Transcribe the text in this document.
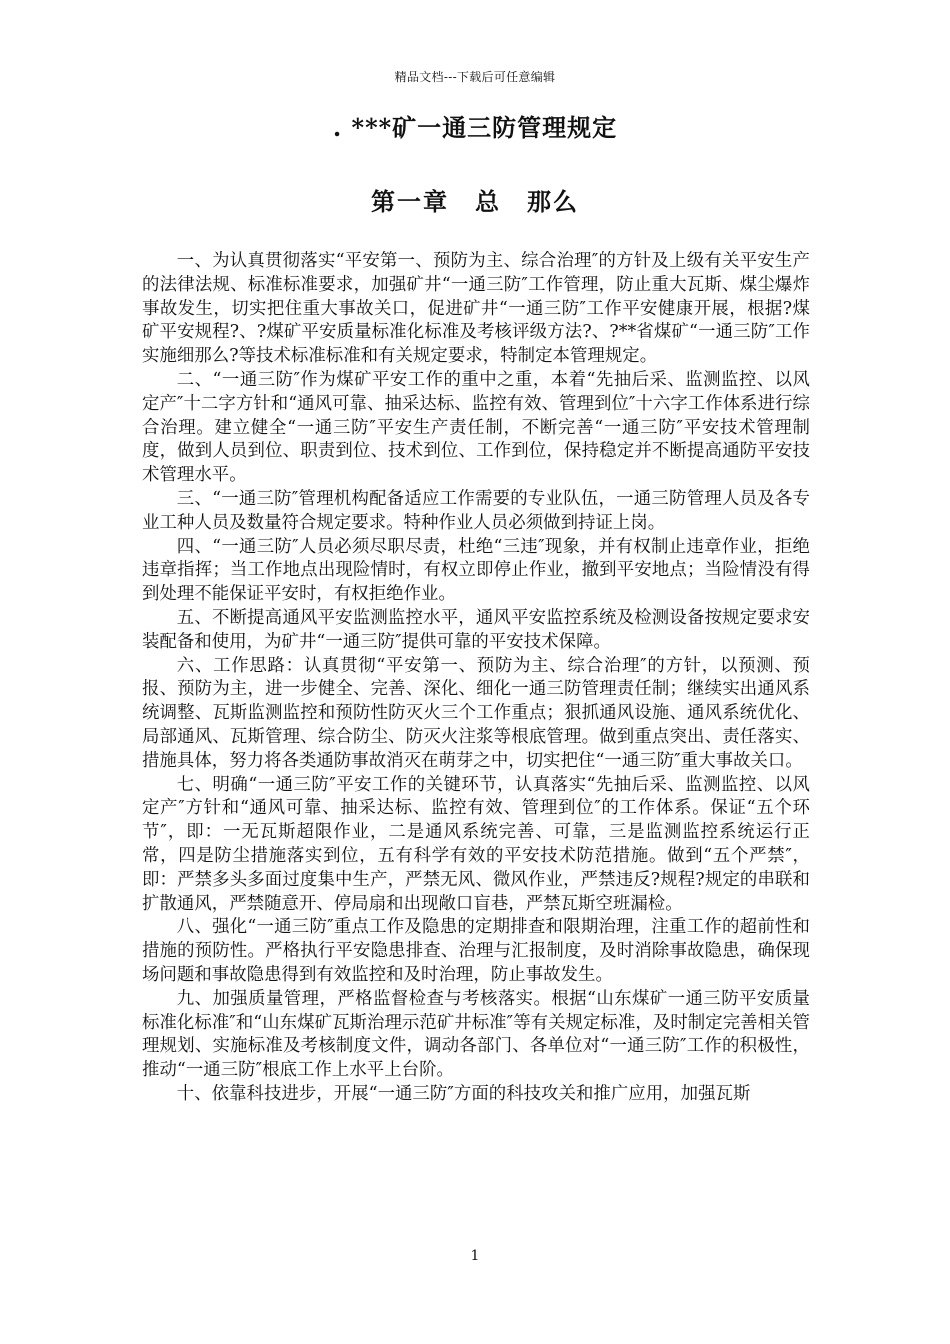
精品文档---下载后可任意编辑
. ***矿一通三防管理规定
第一章　总　那么

一、为认真贯彻落实“平安第一、预防为主、综合治理″的方针及上级有关平安生产的法律法规、标准标准要求，加强矿井“一通三防″工作管理，防止重大瓦斯、煤尘爆炸事故发生，切实把住重大事故关口，促进矿井“一通三防″工作平安健康开展，根据?煤矿平安规程?、?煤矿平安质量标准化标准及考核评级方法?、?**省煤矿“一通三防″工作实施细那么?等技术标准标准和有关规定要求，特制定本管理规定。

二、“一通三防″作为煤矿平安工作的重中之重，本着“先抽后采、监测监控、以风定产″十二字方针和“通风可靠、抽采达标、监控有效、管理到位″十六字工作体系进行综合治理。建立健全“一通三防″平安生产责任制，不断完善“一通三防″平安技术管理制度，做到人员到位、职责到位、技术到位、工作到位，保持稳定并不断提高通防平安技术管理水平。

三、“一通三防″管理机构配备适应工作需要的专业队伍，一通三防管理人员及各专业工种人员及数量符合规定要求。特种作业人员必须做到持证上岗。

四、“一通三防″人员必须尽职尽责，杜绝“三违″现象，并有权制止违章作业，拒绝违章指挥；当工作地点出现险情时，有权立即停止作业，撤到平安地点；当险情没有得到处理不能保证平安时，有权拒绝作业。

五、不断提高通风平安监测监控水平，通风平安监控系统及检测设备按规定要求安装配备和使用，为矿井“一通三防″提供可靠的平安技术保障。

六、工作思路：认真贯彻“平安第一、预防为主、综合治理″的方针，以预测、预报、预防为主，进一步健全、完善、深化、细化一通三防管理责任制；继续实出通风系统调整、瓦斯监测监控和预防性防灭火三个工作重点；狠抓通风设施、通风系统优化、局部通风、瓦斯管理、综合防尘、防灭火注浆等根底管理。做到重点突出、责任落实、措施具体，努力将各类通防事故消灭在萌芽之中，切实把住“一通三防″重大事故关口。

七、明确“一通三防″平安工作的关键环节，认真落实“先抽后采、监测监控、以风定产″方针和“通风可靠、抽采达标、监控有效、管理到位″的工作体系。保证“五个环节″，即：一无瓦斯超限作业，二是通风系统完善、可靠，三是监测监控系统运行正常，四是防尘措施落实到位，五有科学有效的平安技术防范措施。做到“五个严禁″，即：严禁多头多面过度集中生产，严禁无风、微风作业，严禁违反?规程?规定的串联和扩散通风，严禁随意开、停局扇和出现敞口盲巷，严禁瓦斯空班漏检。

八、强化“一通三防″重点工作及隐患的定期排查和限期治理，注重工作的超前性和措施的预防性。严格执行平安隐患排查、治理与汇报制度，及时消除事故隐患，确保现场问题和事故隐患得到有效监控和及时治理，防止事故发生。

九、加强质量管理，严格监督检查与考核落实。根据“山东煤矿一通三防平安质量标准化标准″和“山东煤矿瓦斯治理示范矿井标准″等有关规定标准，及时制定完善相关管理规划、实施标准及考核制度文件，调动各部门、各单位对“一通三防″工作的积极性，推动“一通三防″根底工作上水平上台阶。

十、依靠科技进步，开展“一通三防″方面的科技攻关和推广应用，加强瓦斯

1
